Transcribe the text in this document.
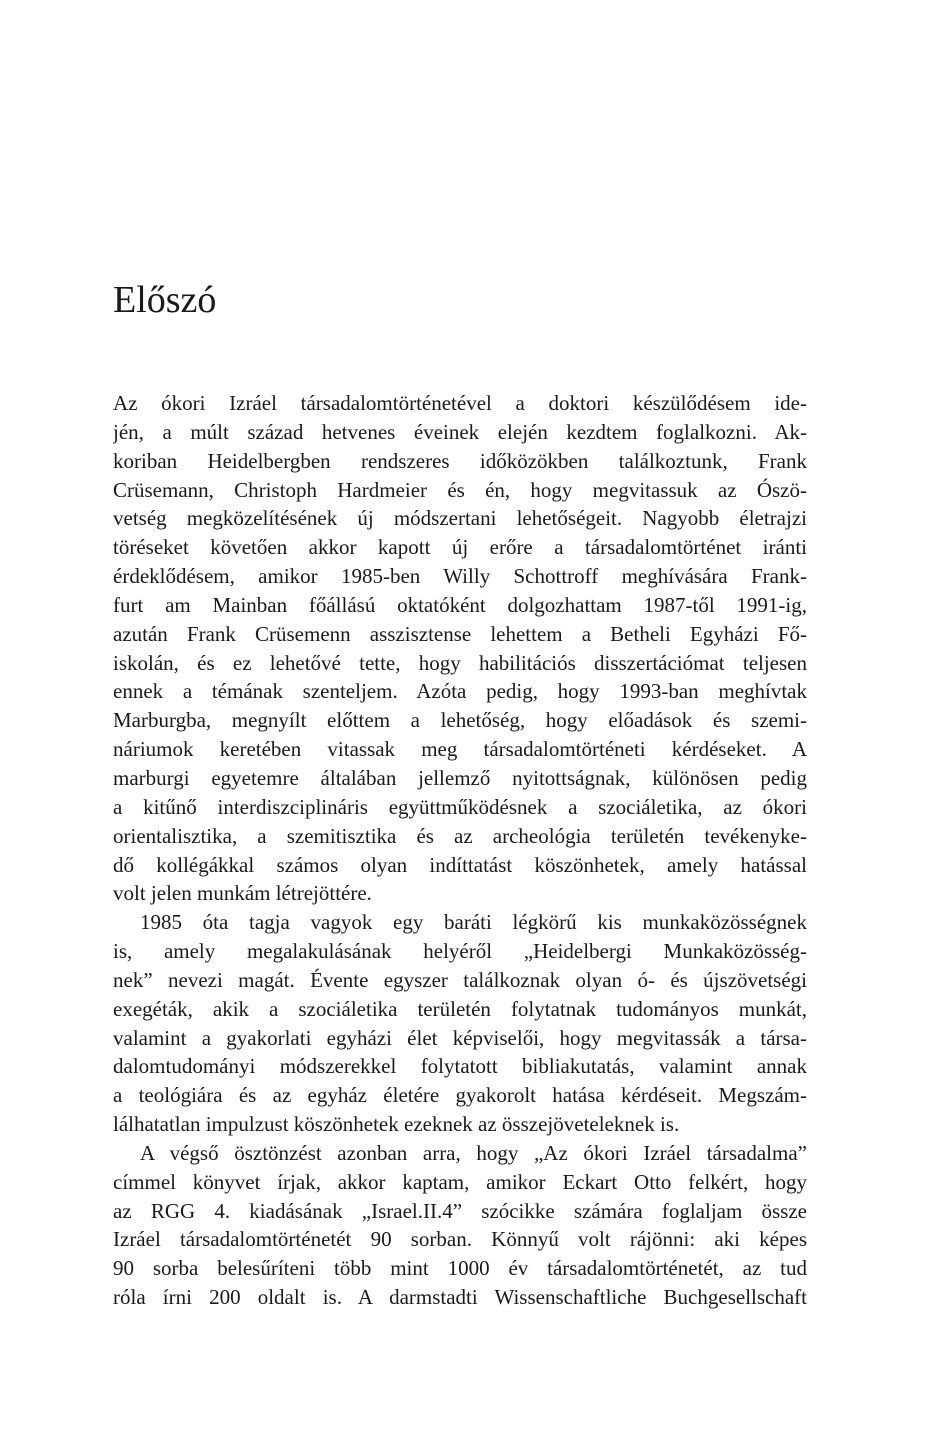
Előszó
Az ókori Izráel társadalomtörténetével a doktori készülődésem ide-
jén, a múlt század hetvenes éveinek elején kezdtem foglalkozni. Ak-
koriban Heidelbergben rendszeres időközökben találkoztunk, Frank
Crüsemann, Christoph Hardmeier és én, hogy megvitassuk az Ószö-
vetség megközelítésének új módszertani lehetőségeit. Nagyobb életrajzi
töréseket követően akkor kapott új erőre a társadalomtörténet iránti
érdeklődésem, amikor 1985-ben Willy Schottroff meghívására Frank-
furt am Mainban főállású oktatóként dolgozhattam 1987-től 1991-ig,
azután Frank Crüsemenn asszisztense lehettem a Betheli Egyházi Fő-
iskolán, és ez lehetővé tette, hogy habilitációs disszertációmat teljesen
ennek a témának szenteljem. Azóta pedig, hogy 1993-ban meghívtak
Marburgba, megnyílt előttem a lehetőség, hogy előadások és szemi-
náriumok keretében vitassak meg társadalomtörténeti kérdéseket. A
marburgi egyetemre általában jellemző nyitottságnak, különösen pedig
a kitűnő interdiszciplináris együttműködésnek a szociáletika, az ókori
orientalisztika, a szemitisztika és az archeológia területén tevékenyke-
dő kollégákkal számos olyan indíttatást köszönhetek, amely hatással
volt jelen munkám létrejöttére.
1985 óta tagja vagyok egy baráti légkörű kis munkaközösségnek
is, amely megalakulásának helyéről „Heidelbergi Munkaközösség-
nek” nevezi magát. Évente egyszer találkoznak olyan ó- és újszövetségi
exegéták, akik a szociáletika területén folytatnak tudományos munkát,
valamint a gyakorlati egyházi élet képviselői, hogy megvitassák a társa-
dalomtudományi módszerekkel folytatott bibliakutatás, valamint annak
a teológiára és az egyház életére gyakorolt hatása kérdéseit. Megszám-
lálhatatlan impulzust köszönhetek ezeknek az összejöveteleknek is.
A végső ösztönzést azonban arra, hogy „Az ókori Izráel társadalma”
címmel könyvet írjak, akkor kaptam, amikor Eckart Otto felkért, hogy
az RGG 4. kiadásának „Israel.II.4” szócikke számára foglaljam össze
Izráel társadalomtörténetét 90 sorban. Könnyű volt rájönni: aki képes
90 sorba belesűríteni több mint 1000 év társadalomtörténetét, az tud
róla írni 200 oldalt is. A darmstadti Wissenschaftliche Buchgesellschaft
